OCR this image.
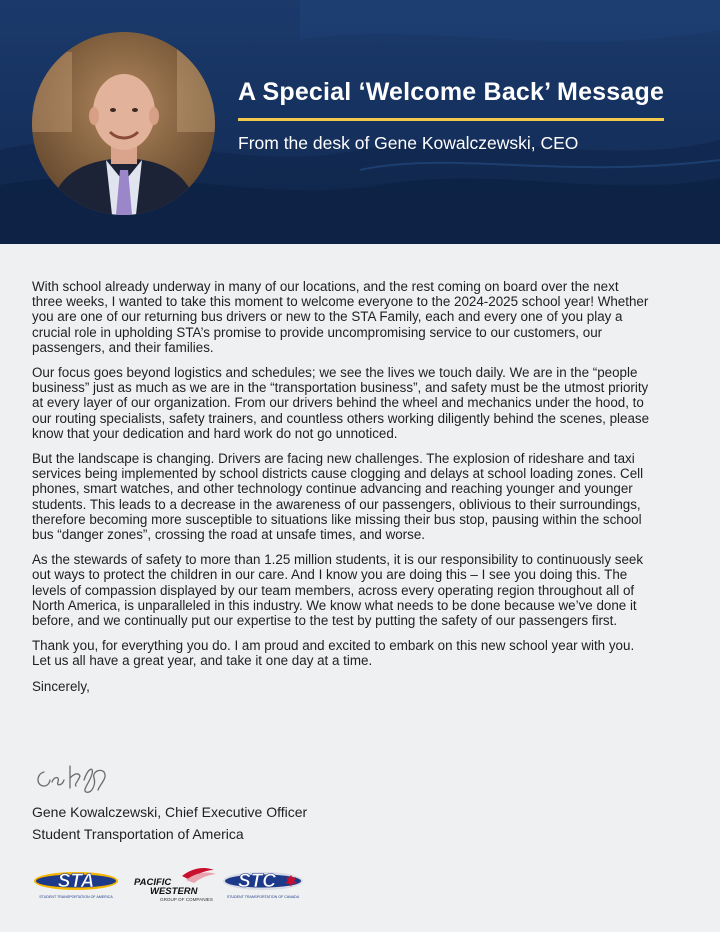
A Special ‘Welcome Back’ Message
From the desk of Gene Kowalczewski, CEO

With school already underway in many of our locations, and the rest coming on board over the next three weeks, I wanted to take this moment to welcome everyone to the 2024-2025 school year! Whether you are one of our returning bus drivers or new to the STA Family, each and every one of you play a crucial role in upholding STA’s promise to provide uncompromising service to our customers, our passengers, and their families.

Our focus goes beyond logistics and schedules; we see the lives we touch daily. We are in the “people business” just as much as we are in the “transportation business”, and safety must be the utmost priority at every layer of our organization. From our drivers behind the wheel and mechanics under the hood, to our routing specialists, safety trainers, and countless others working diligently behind the scenes, please know that your dedication and hard work do not go unnoticed.

But the landscape is changing. Drivers are facing new challenges. The explosion of rideshare and taxi services being implemented by school districts cause clogging and delays at school loading zones. Cell phones, smart watches, and other technology continue advancing and reaching younger and younger students. This leads to a decrease in the awareness of our passengers, oblivious to their surroundings, therefore becoming more susceptible to situations like missing their bus stop, pausing within the school bus “danger zones”, crossing the road at unsafe times, and worse.

As the stewards of safety to more than 1.25 million students, it is our responsibility to continuously seek out ways to protect the children in our care. And I know you are doing this – I see you doing this. The levels of compassion displayed by our team members, across every operating region throughout all of North America, is unparalleled in this industry. We know what needs to be done because we’ve done it before, and we continually put our expertise to the test by putting the safety of our passengers first.

Thank you, for everything you do. I am proud and excited to embark on this new school year with you. Let us all have a great year, and take it one day at a time.

Sincerely,

Gene Kowalczewski, Chief Executive Officer
Student Transportation of America
STA
STUDENT TRANSPORTATION OF AMERICA
PACIFIC
WESTERN
GROUP OF COMPANIES
STC
STUDENT TRANSPORTATION OF CANADA
